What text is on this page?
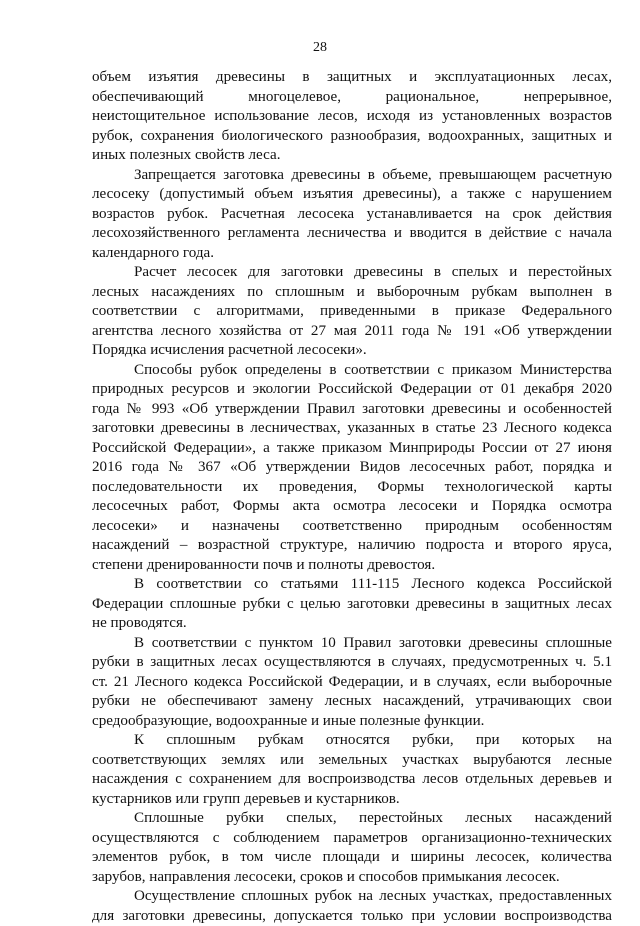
28
объем изъятия древесины в защитных и эксплуатационных лесах,
обеспечивающий многоцелевое, рациональное, непрерывное,
неистощительное использование лесов, исходя из установленных возрастов
рубок, сохранения биологического разнообразия, водоохранных, защитных и
иных полезных свойств леса.
Запрещается заготовка древесины в объеме, превышающем расчетную
лесосеку (допустимый объем изъятия древесины), а также с нарушением
возрастов рубок. Расчетная лесосека устанавливается на срок действия
лесохозяйственного регламента лесничества и вводится в действие с начала
календарного года.
Расчет лесосек для заготовки древесины в спелых и перестойных
лесных насаждениях по сплошным и выборочным рубкам выполнен в
соответствии с алгоритмами, приведенными в приказе Федерального
агентства лесного хозяйства от 27 мая 2011 года № 191 «Об утверждении
Порядка исчисления расчетной лесосеки».
Способы рубок определены в соответствии с приказом Министерства
природных ресурсов и экологии Российской Федерации от 01 декабря 2020
года № 993 «Об утверждении Правил заготовки древесины и особенностей
заготовки древесины в лесничествах, указанных в статье 23 Лесного кодекса
Российской Федерации», а также приказом Минприроды России от 27 июня
2016 года № 367 «Об утверждении Видов лесосечных работ, порядка и
последовательности их проведения, Формы технологической карты
лесосечных работ, Формы акта осмотра лесосеки и Порядка осмотра
лесосеки» и назначены соответственно природным особенностям
насаждений – возрастной структуре, наличию подроста и второго яруса,
степени дренированности почв и полноты древостоя.
В соответствии со статьями 111-115 Лесного кодекса Российской
Федерации сплошные рубки с целью заготовки древесины в защитных лесах
не проводятся.
В соответствии с пунктом 10 Правил заготовки древесины сплошные
рубки в защитных лесах осуществляются в случаях, предусмотренных ч. 5.1
ст. 21 Лесного кодекса Российской Федерации, и в случаях, если выборочные
рубки не обеспечивают замену лесных насаждений, утрачивающих свои
средообразующие, водоохранные и иные полезные функции.
К сплошным рубкам относятся рубки, при которых на
соответствующих землях или земельных участках вырубаются лесные
насаждения с сохранением для воспроизводства лесов отдельных деревьев и
кустарников или групп деревьев и кустарников.
Сплошные рубки спелых, перестойных лесных насаждений
осуществляются с соблюдением параметров организационно-технических
элементов рубок, в том числе площади и ширины лесосек, количества
зарубов, направления лесосеки, сроков и способов примыкания лесосек.
Осуществление сплошных рубок на лесных участках, предоставленных
для заготовки древесины, допускается только при условии воспроизводства
